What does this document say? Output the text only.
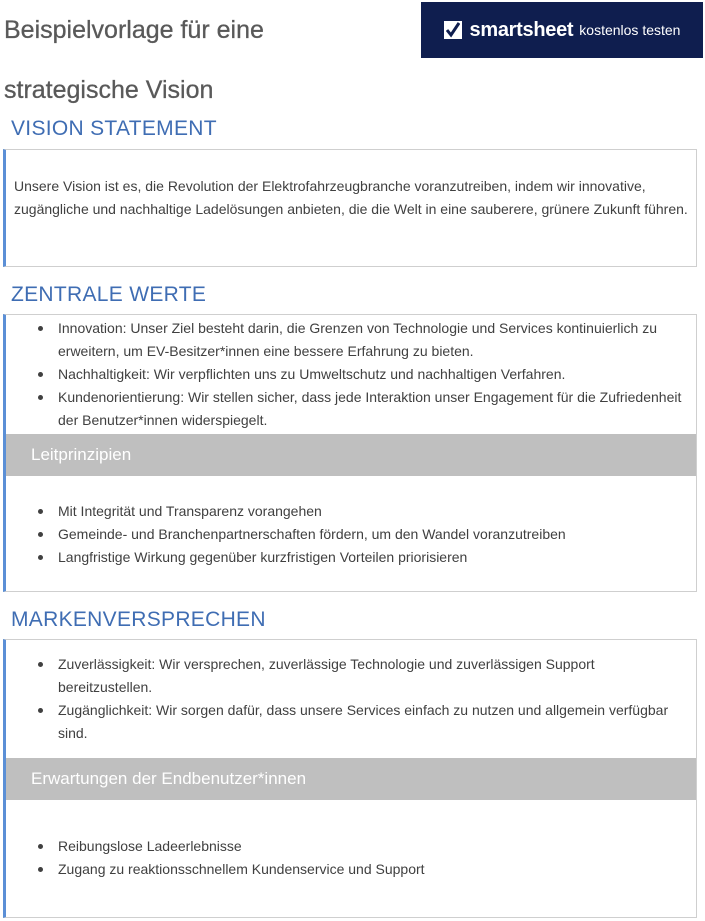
Beispielvorlage für eine
strategische Vision
smartsheet kostenlos testen
VISION STATEMENT

Unsere Vision ist es, die Revolution der Elektrofahrzeugbranche voranzutreiben, indem wir innovative, zugängliche und nachhaltige Ladelösungen anbieten, die die Welt in eine sauberere, grünere Zukunft führen.

ZENTRALE WERTE
Innovation: Unser Ziel besteht darin, die Grenzen von Technologie und Services kontinuierlich zu erweitern, um EV-Besitzer*innen eine bessere Erfahrung zu bieten.
Nachhaltigkeit: Wir verpflichten uns zu Umweltschutz und nachhaltigen Verfahren.
Kundenorientierung: Wir stellen sicher, dass jede Interaktion unser Engagement für die Zufriedenheit der Benutzer*innen widerspiegelt.
Leitprinzipien
Mit Integrität und Transparenz vorangehen
Gemeinde- und Branchenpartnerschaften fördern, um den Wandel voranzutreiben
Langfristige Wirkung gegenüber kurzfristigen Vorteilen priorisieren
MARKENVERSPRECHEN
Zuverlässigkeit: Wir versprechen, zuverlässige Technologie und zuverlässigen Support bereitzustellen.
Zugänglichkeit: Wir sorgen dafür, dass unsere Services einfach zu nutzen und allgemein verfügbar sind.
Erwartungen der Endbenutzer*innen
Reibungslose Ladeerlebnisse
Zugang zu reaktionsschnellem Kundenservice und Support
